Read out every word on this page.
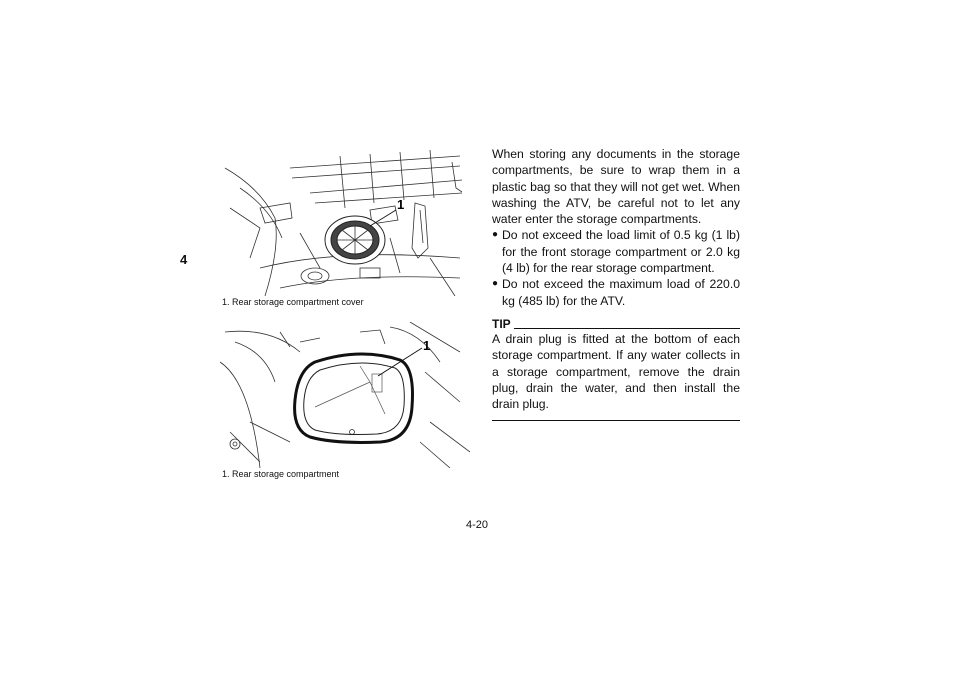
4
1
1. Rear storage compartment cover
1
1. Rear storage compartment

When storing any documents in the storage compartments, be sure to wrap them in a plastic bag so that they will not get wet. When washing the ATV, be careful not to let any water enter the storage compartments.

● Do not exceed the load limit of 0.5 kg (1 lb) for the front storage compartment or 2.0 kg (4 lb) for the rear storage compartment.
● Do not exceed the maximum load of 220.0 kg (485 lb) for the ATV.
TIP

A drain plug is fitted at the bottom of each storage compartment. If any water collects in a storage compartment, remove the drain plug, drain the water, and then install the drain plug.

4-20
